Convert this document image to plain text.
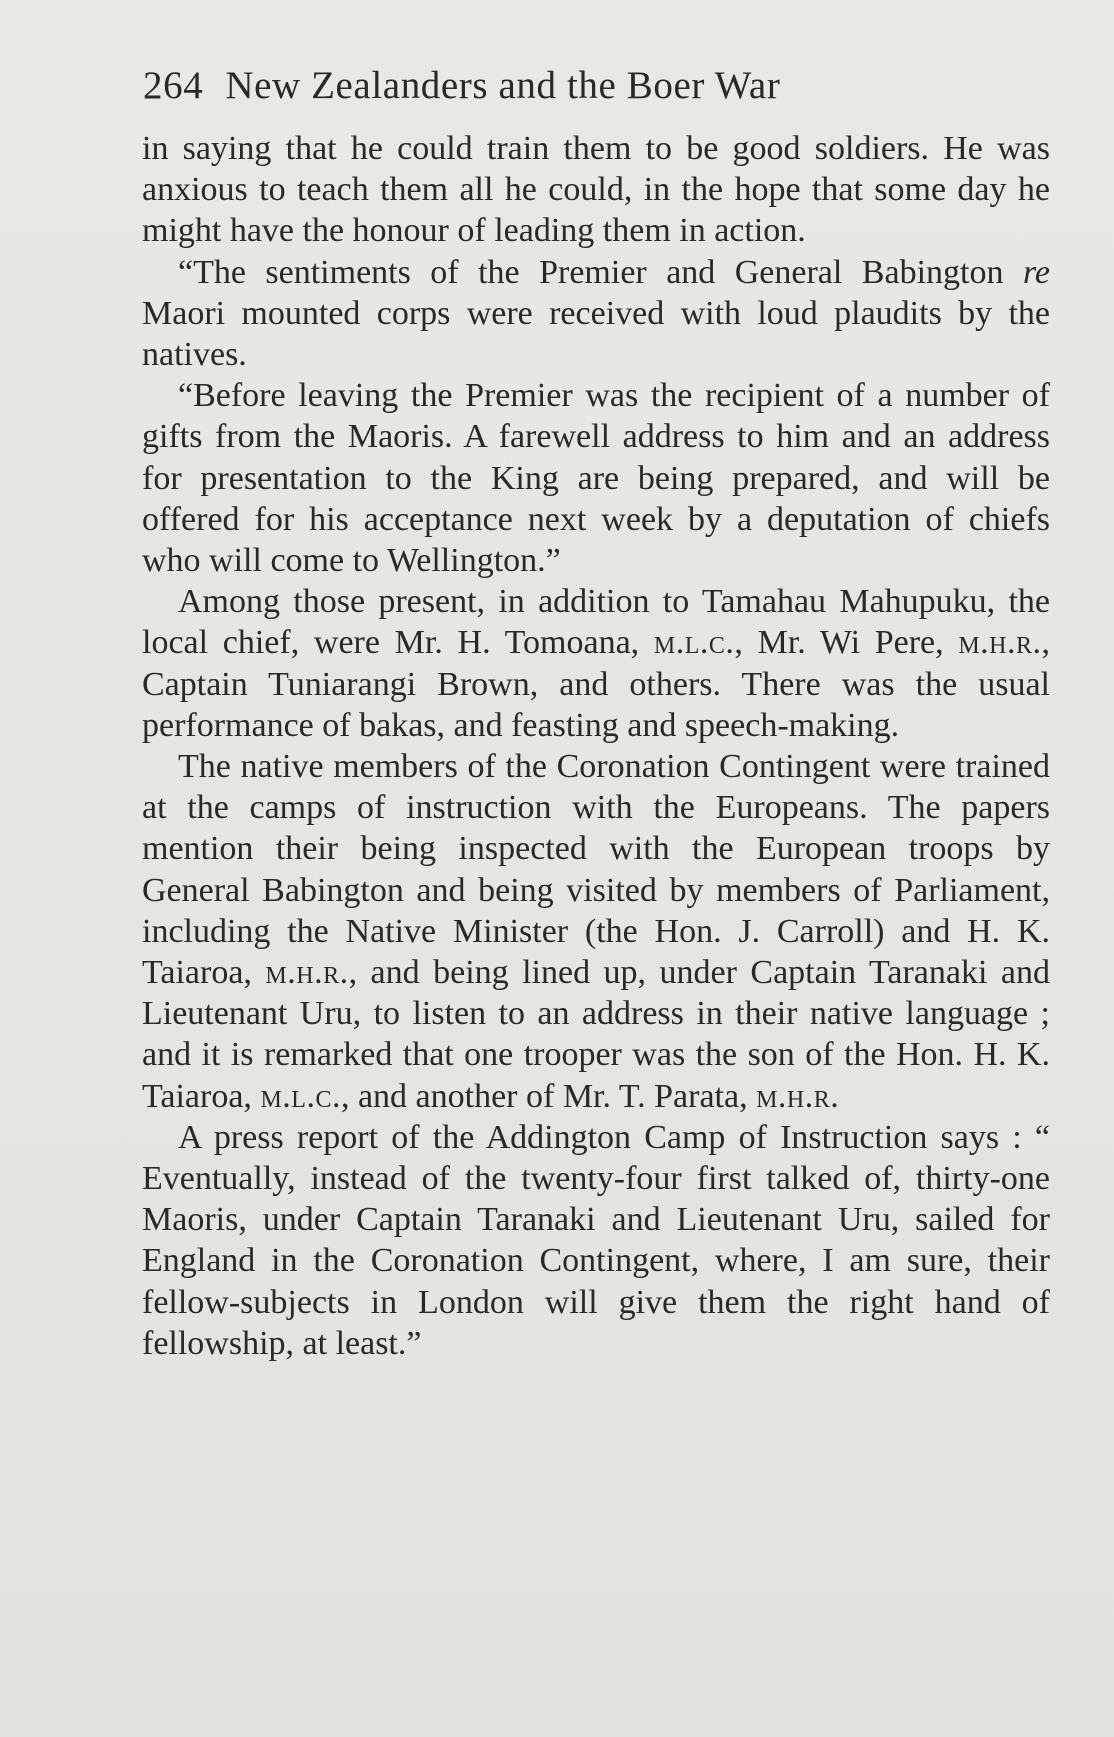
264 New Zealanders and the Boer War

in saying that he could train them to be good soldiers. He was anxious to teach them all he could, in the hope that some day he might have the honour of leading them in action.

“The sentiments of the Premier and General Babington re Maori mounted corps were received with loud plaudits by the natives.

“Before leaving the Premier was the recipient of a number of gifts from the Maoris. A farewell address to him and an address for presentation to the King are being prepared, and will be offered for his acceptance next week by a deputation of chiefs who will come to Wellington.”

Among those present, in addition to Tamahau Mahupuku, the local chief, were Mr. H. Tomoana, m.l.c., Mr. Wi Pere, m.h.r., Captain Tuniarangi Brown, and others. There was the usual performance of bakas, and feasting and speech-making.

The native members of the Coronation Contingent were trained at the camps of instruction with the Europeans. The papers mention their being inspected with the European troops by General Babington and being visited by members of Parliament, including the Native Minister (the Hon. J. Carroll) and H. K. Taiaroa, m.h.r., and being lined up, under Captain Taranaki and Lieutenant Uru, to listen to an address in their native language ; and it is remarked that one trooper was the son of the Hon. H. K. Taiaroa, m.l.c., and another of Mr. T. Parata, m.h.r.

A press report of the Addington Camp of Instruction says : “ Eventually, instead of the twenty-four first talked of, thirty-one Maoris, under Captain Taranaki and Lieutenant Uru, sailed for England in the Coronation Contingent, where, I am sure, their fellow-subjects in London will give them the right hand of fellowship, at least.”
